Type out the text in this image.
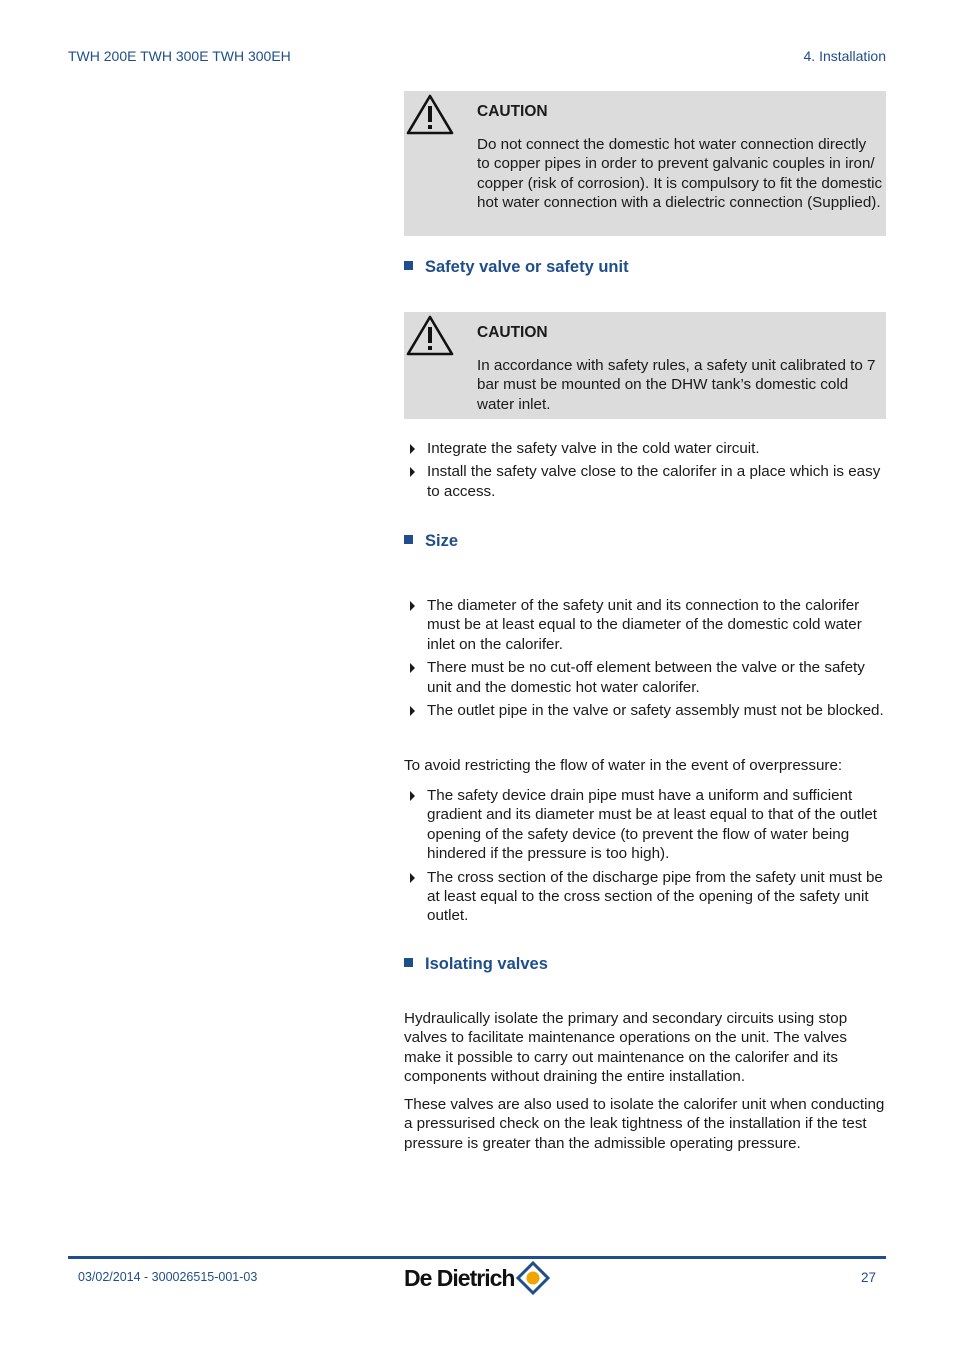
TWH 200E TWH 300E TWH 300EH	4. Installation
CAUTION
Do not connect the domestic hot water connection directly to copper pipes in order to prevent galvanic couples in iron/ copper (risk of corrosion). It is compulsory to fit the domestic hot water connection with a dielectric connection (Supplied).
Safety valve or safety unit
CAUTION
In accordance with safety rules, a safety unit calibrated to 7 bar must be mounted on the DHW tank’s domestic cold water inlet.
Integrate the safety valve in the cold water circuit.
Install the safety valve close to the calorifer in a place which is easy to access.
Size
The diameter of the safety unit and its connection to the calorifer must be at least equal to the diameter of the domestic cold water inlet on the calorifer.
There must be no cut-off element between the valve or the safety unit and the domestic hot water calorifer.
The outlet pipe in the valve or safety assembly must not be blocked.

To avoid restricting the flow of water in the event of overpressure:

The safety device drain pipe must have a uniform and sufficient gradient and its diameter must be at least equal to that of the outlet opening of the safety device (to prevent the flow of water being hindered if the pressure is too high).
The cross section of the discharge pipe from the safety unit must be at least equal to the cross section of the opening of the safety unit outlet.
Isolating valves

Hydraulically isolate the primary and secondary circuits using stop valves to facilitate maintenance operations on the unit. The valves make it possible to carry out maintenance on the calorifer and its components without draining the entire installation.

These valves are also used to isolate the calorifer unit when conducting a pressurised check on the leak tightness of the installation if the test pressure is greater than the admissible operating pressure.

03/02/2014 - 300026515-001-03	De Dietrich	27
